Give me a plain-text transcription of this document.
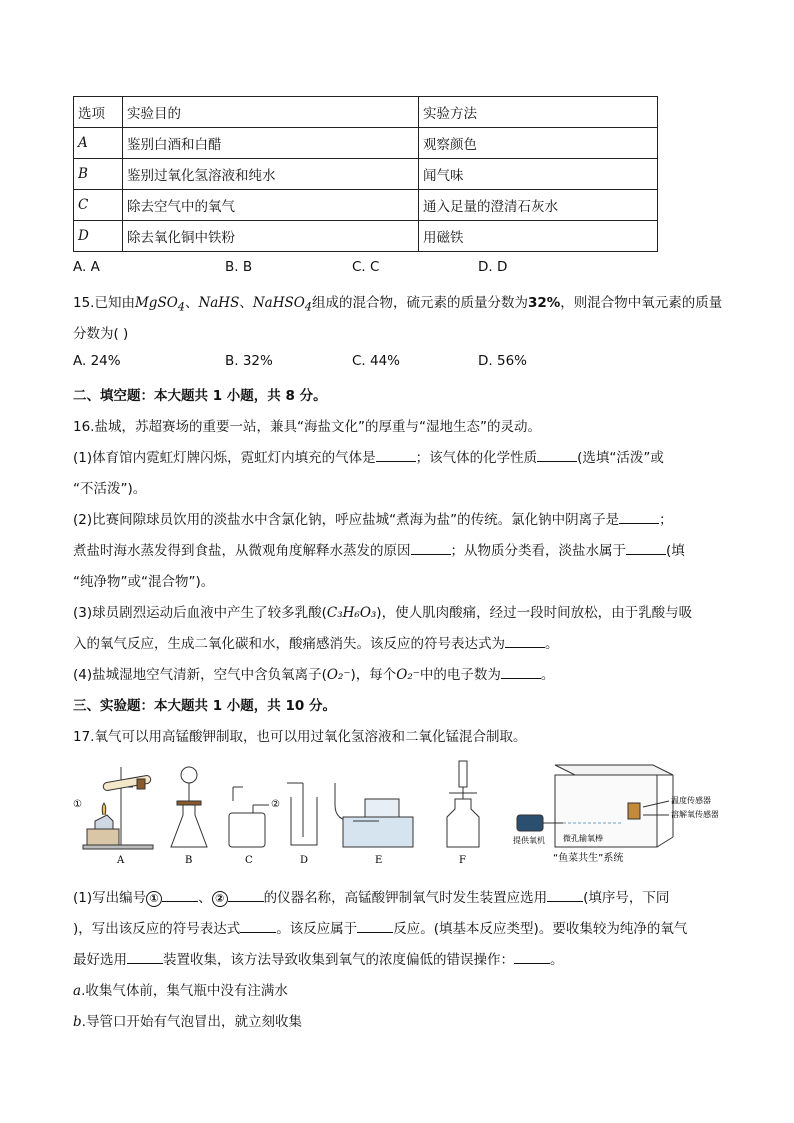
选项	实验目的	实验方法
A	鉴别白酒和白醋	观察颜色
B	鉴别过氧化氢溶液和纯水	闻气味
C	除去空气中的氧气	通入足量的澄清石灰水
D	除去氧化铜中铁粉	用磁铁
A. A	B. B	C. C	D. D
15.已知由MgSO$_4$、NaHS、NaHSO$_4$组成的混合物，硫元素的质量分数为32%，则混合物中氧元素的质量
分数为( )
A. 24%	B. 32%	C. 44%	D. 56%
二、填空题：本大题共 1 小题，共 8 分。
16.盐城，苏超赛场的重要一站，兼具“海盐文化”的厚重与“湿地生态”的灵动。
(1)体育馆内霓虹灯牌闪烁，霓虹灯内填充的气体是	；该气体的化学性质	(选填“活泼”或
“不活泼”)。
(2)比赛间隙球员饮用的淡盐水中含氯化钠，呼应盐城“煮海为盐”的传统。氯化钠中阴离子是	；
煮盐时海水蒸发得到食盐，从微观角度解释水蒸发的原因	；从物质分类看，淡盐水属于	(填
“纯净物”或“混合物”)。
(3)球员剧烈运动后血液中产生了较多乳酸(C₃H₆O₃)，使人肌肉酸痛，经过一段时间放松，由于乳酸与吸
入的氧气反应，生成二氧化碳和水，酸痛感消失。该反应的符号表达式为	。
(4)盐城湿地空气清新，空气中含负氧离子(O₂⁻)，每个O₂⁻中的电子数为	。
三、实验题：本大题共 1 小题，共 10 分。
17.氧气可以用高锰酸钾制取，也可以用过氧化氢溶液和二氧化锰混合制取。
A
①
B
②
C	D	E	F
提供氧机 微孔输氧棒
温度传感器
溶解氧传感器
“鱼菜共生”系统
(1)写出编号 ①	、 ②	的仪器名称，高锰酸钾制氧气时发生装置应选用	(填序号，下同
)，写出该反应的符号表达式	。该反应属于	反应。(填基本反应类型)。要收集较为纯净的氧气
最好选用	装置收集，该方法导致收集到氧气的浓度偏低的错误操作：	。
a.收集气体前，集气瓶中没有注满水
b.导管口开始有气泡冒出，就立刻收集
